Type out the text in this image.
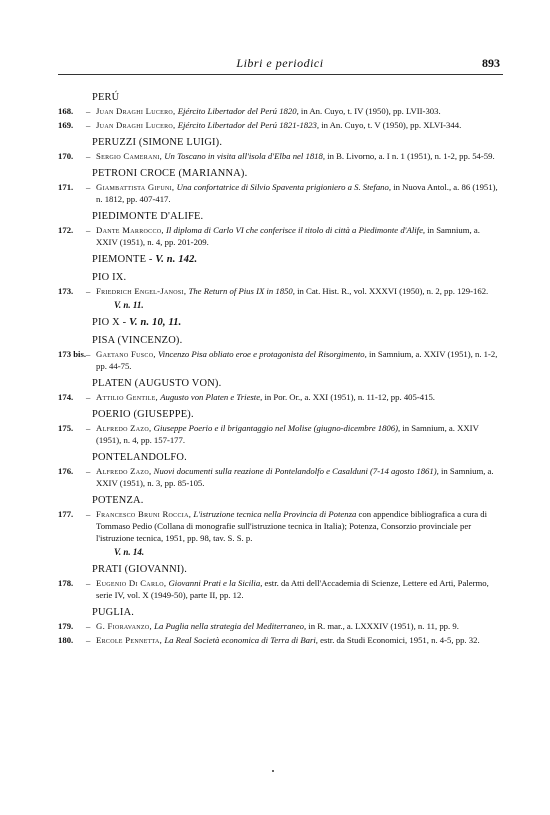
Libri e periodici	893
PERÚ
168.	– Juan Draghi Lucero, Ejército Libertador del Perú 1820, in An. Cuyo, t. IV (1950), pp. LVII-303.
169.	– Juan Draghi Lucero, Ejército Libertador del Perú 1821-1823, in An. Cuyo, t. V (1950), pp. XLVI-344.
PERUZZI (SIMONE LUIGI).
170.	– Sergio Camerani, Un Toscano in visita all'isola d'Elba nel 1818, in B. Livorno, a. I n. 1 (1951), n. 1-2, pp. 54-59.
PETRONI CROCE (MARIANNA).
171.	– Giambattista Gifuni, Una confortatrice di Silvio Spaventa prigioniero a S. Stefano, in Nuova Antol., a. 86 (1951), n. 1812, pp. 407-417.
PIEDIMONTE D'ALIFE.
172.	– Dante Marrocco, Il diploma di Carlo VI che conferisce il titolo di città a Piedimonte d'Alife, in Samnium, a. XXIV (1951), n. 4, pp. 201-209.
PIEMONTE - V. n. 142.
PIO IX.
173.	– Friedrich Engel-Janosi, The Return of Pius IX in 1850, in Cat. Hist. R., vol. XXXVI (1950), n. 2, pp. 129-162.
V. n. 11.
PIO X - V. n. 10, 11.
PISA (VINCENZO).
173 bis. – Gaetano Fusco, Vincenzo Pisa obliato eroe e protagonista del Risorgimento, in Samnium, a. XXIV (1951), n. 1-2, pp. 44-75.
PLATEN (AUGUSTO VON).
174.	– Attilio Gentile, Augusto von Platen e Trieste, in Por. Or., a. XXI (1951), n. 11-12, pp. 405-415.
POERIO (GIUSEPPE).
175.	– Alfredo Zazo, Giuseppe Poerio e il brigantaggio nel Molise (giugno-dicembre 1806), in Samnium, a. XXIV (1951), n. 4, pp. 157-177.
PONTELANDOLFO.
176.	– Alfredo Zazo, Nuovi documenti sulla reazione di Pontelandolfo e Casalduni (7-14 agosto 1861), in Samnium, a. XXIV (1951), n. 3, pp. 85-105.
POTENZA.
177.	– Francesco Bruni Roccia, L'istruzione tecnica nella Provincia di Potenza con appendice bibliografica a cura di Tommaso Pedio (Collana di monografie sull'istruzione tecnica in Italia); Potenza, Consorzio provinciale per l'istruzione tecnica, 1951, pp. 98, tav. S. S. p.
V. n. 14.
PRATI (GIOVANNI).
178.	– Eugenio Di Carlo, Giovanni Prati e la Sicilia, estr. da Atti dell'Accademia di Scienze, Lettere ed Arti, Palermo, serie IV, vol. X (1949-50), parte II, pp. 12.
PUGLIA.
179.	– G. Fioravanzo, La Puglia nella strategia del Mediterraneo, in R. mar., a. LXXXIV (1951), n. 11, pp. 9.
180.	– Ercole Pennetta, La Real Società economica di Terra di Bari, estr. da Studi Economici, 1951, n. 4-5, pp. 32.
